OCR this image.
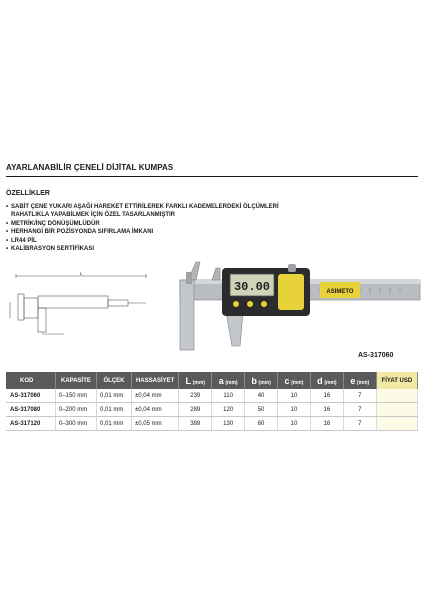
AYARLANABİLİR ÇENELİ DİJİTAL KUMPAS
ÖZELLİKLER
• SABİT ÇENE YUKARI AŞAĞI HAREKET ETTİRİLEREK FARKLI KADEMELERDEKİ ÖLÇÜMLERİ RAHATLIKLA YAPABİLMEK İÇİN ÖZEL TASARLANMIŞTIR
• METRİK/İNÇ DÖNÜŞÜMLÜDÜR
• HERHANGİ BİR POZİSYONDA SIFIRLAMA İMKANI
• LR44 PİL
• KALİBRASYON SERTİFİKASI
L
30.00	ASIMETO
AS-317060
KOD	KAPASİTE	ÖLÇEK	HASSASİYET	L (mm)	a (mm)	b (mm)	c (mm)	d (mm)	e (mm)	FİYAT USD
AS-317060	0–150 mm	0,01 mm	±0,04 mm	239	110	40	10	16	7	
AS-317080	0–200 mm	0,01 mm	±0,04 mm	289	120	50	10	16	7	
AS-317120	0–300 mm	0,01 mm	±0,05 mm	389	130	60	10	16	7	
